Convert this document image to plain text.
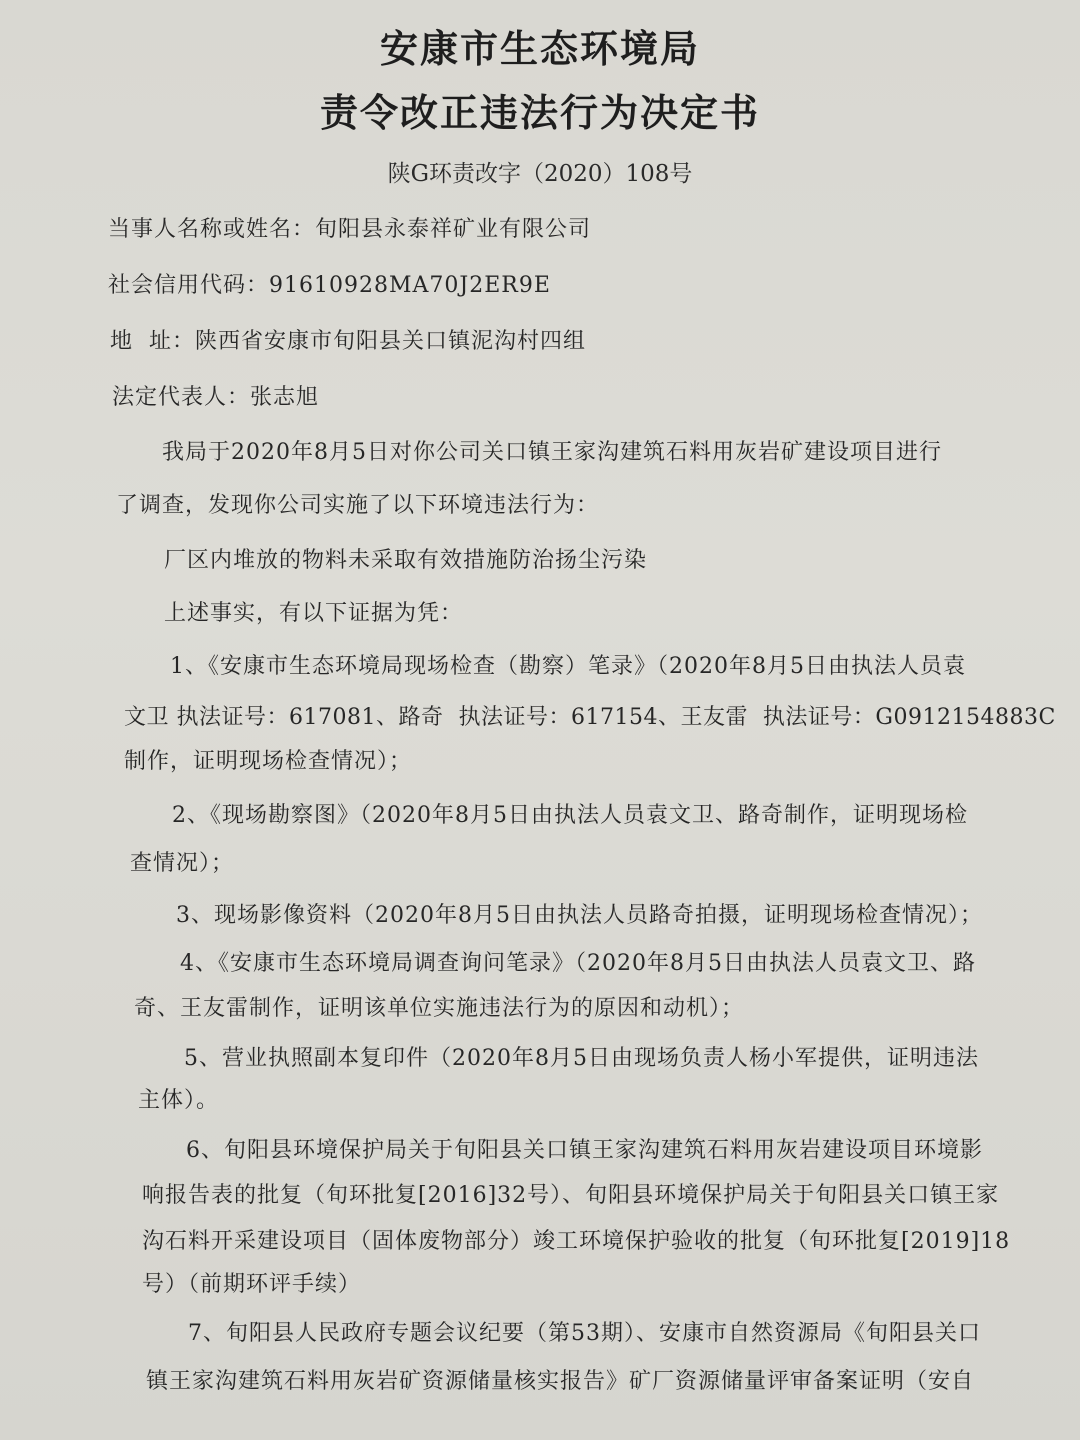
安康市生态环境局
责令改正违法行为决定书
陕G环责改字（2020）108号
当事人名称或姓名：旬阳县永泰祥矿业有限公司
社会信用代码：91610928MA70J2ER9E
地  址：陕西省安康市旬阳县关口镇泥沟村四组
法定代表人：张志旭
我局于2020年8月5日对你公司关口镇王家沟建筑石料用灰岩矿建设项目进行
了调查，发现你公司实施了以下环境违法行为：
厂区内堆放的物料未采取有效措施防治扬尘污染
上述事实，有以下证据为凭：
1、《安康市生态环境局现场检查（勘察）笔录》（2020年8月5日由执法人员袁
文卫 执法证号：617081、路奇  执法证号：617154、王友雷  执法证号：G0912154883C
制作，证明现场检查情况）；
2、《现场勘察图》（2020年8月5日由执法人员袁文卫、路奇制作，证明现场检
查情况）；
3、现场影像资料（2020年8月5日由执法人员路奇拍摄，证明现场检查情况）；
4、《安康市生态环境局调查询问笔录》（2020年8月5日由执法人员袁文卫、路
奇、王友雷制作，证明该单位实施违法行为的原因和动机）；
5、营业执照副本复印件（2020年8月5日由现场负责人杨小军提供，证明违法
主体）。
6、旬阳县环境保护局关于旬阳县关口镇王家沟建筑石料用灰岩建设项目环境影
响报告表的批复（旬环批复[2016]32号）、旬阳县环境保护局关于旬阳县关口镇王家
沟石料开采建设项目（固体废物部分）竣工环境保护验收的批复（旬环批复[2019]18
号）（前期环评手续）
7、旬阳县人民政府专题会议纪要（第53期）、安康市自然资源局《旬阳县关口
镇王家沟建筑石料用灰岩矿资源储量核实报告》矿厂资源储量评审备案证明（安自
